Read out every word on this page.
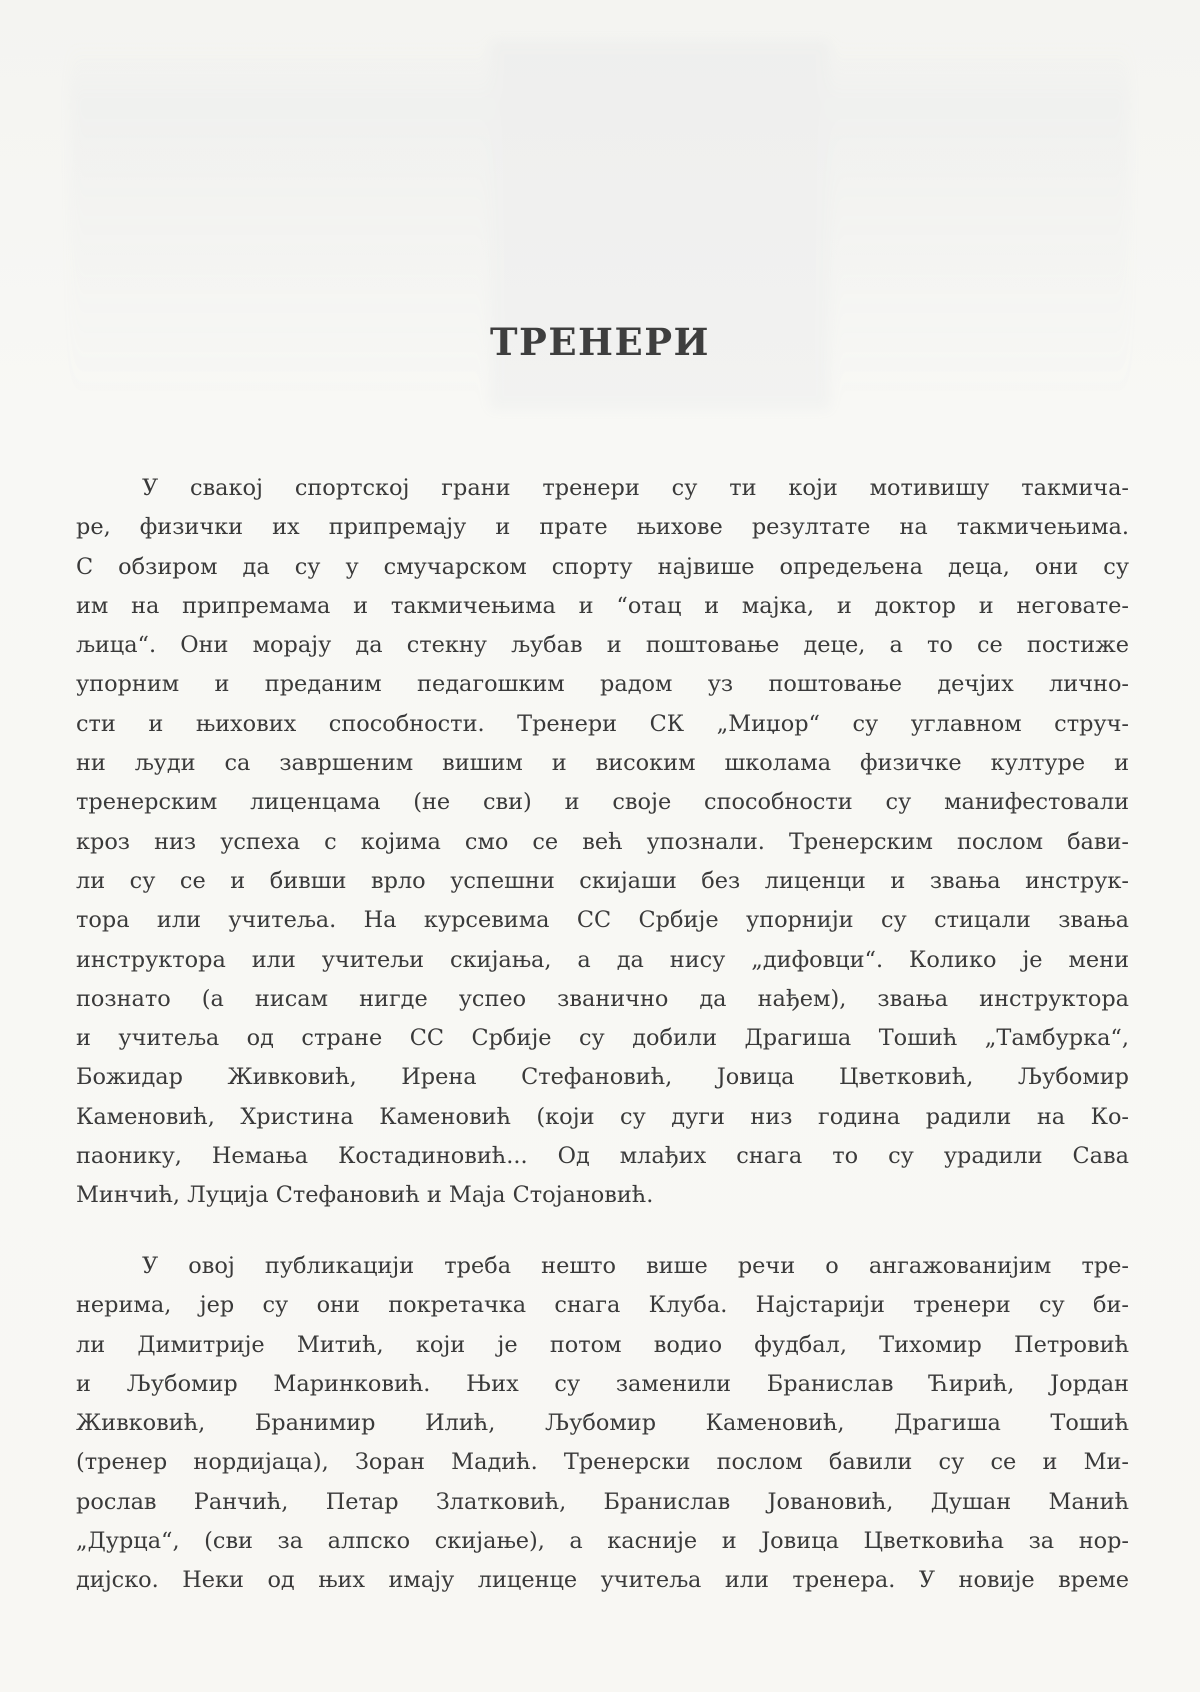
ТРЕНЕРИ
У свакој спортској грани тренери су ти који мотивишу такмича-
ре, физички их припремају и прате њихове резултате на такмичењима.
С обзиром да су у смучарском спорту највише опредељена деца, они су
им на припремама и такмичењима и “отац и мајка, и доктор и неговате-
љица“. Они морају да стекну љубав и поштовање деце, а то се постиже
упорним и преданим педагошким радом уз поштовање дечјих личнo-
сти и њихових способности. Тренери СК „Миџор“ су углавном струч-
ни људи са завршеним вишим и високим школама физичке културе и
тренерским лиценцама (не сви) и своје способности су манифестовали
кроз низ успеха с којима смо се већ упознали. Тренерским послом бави-
ли су се и бивши врло успешни скијаши без лиценци и звања инструк-
тора или учитеља. На курсевима СС Србије упорнији су стицали звања
инструктора или учитељи скијања, а да нису „дифовци“. Колико је мени
познато (а нисам нигде успео званично да нађем), звања инструктора
и учитеља од стране СС Србије су добили Драгиша Тошић „Тамбурка“,
Божидар Живковић, Ирена Стефановић, Јовица Цветковић, Љубомир
Каменовић, Христина Каменовић (који су дуги низ година радили на Ко-
паонику, Немања Костадиновић... Од млађих снага то су урадили Сава
Минчић, Луција Стефановић и Маја Стојановић.
У овој публикацији треба нешто више речи о ангажованијим тре-
нерима, јер су они покретачка снага Клуба. Најстарији тренери су би-
ли Димитрије Митић, који је потом водио фудбал, Тихомир Петровић
и Љубомир Маринковић. Њих су заменили Бранислав Ћирић, Јордан
Живковић, Бранимир Илић, Љубомир Каменовић, Драгиша Тошић
(тренер нордијаца), Зоран Мадић. Тренерски послом бавили су се и Ми-
рослав Ранчић, Петар Златковић, Бранислав Јовановић, Душан Манић
„Дурца“, (сви за алпско скијање), а касније и Јовица Цветковића за нор-
дијско. Неки од њих имају лиценце учитеља или тренера. У новије време
